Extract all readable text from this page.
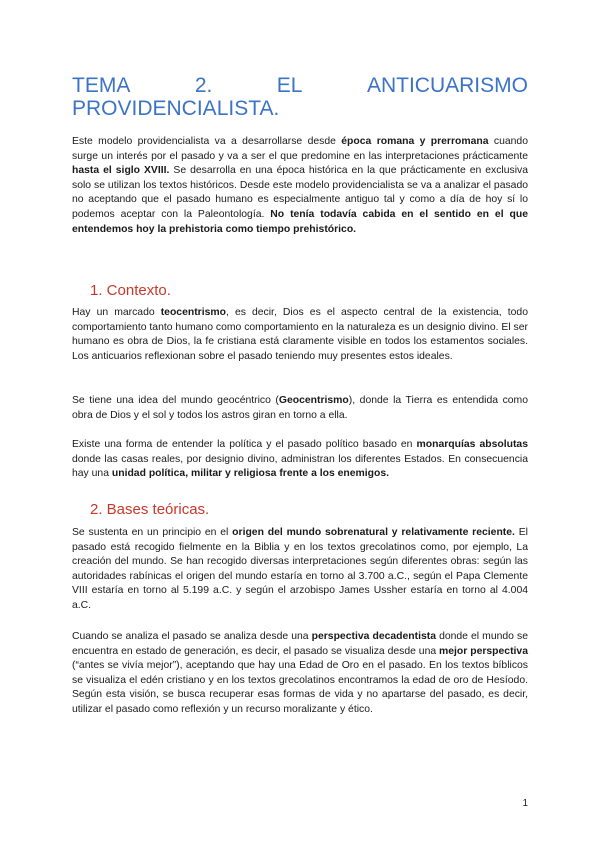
TEMA	2.	EL	ANTICUARISMO
PROVIDENCIALISTA.

Este modelo providencialista va a desarrollarse desde época romana y prerromana cuando surge un interés por el pasado y va a ser el que predomine en las interpretaciones prácticamente hasta el siglo XVIII. Se desarrolla en una época histórica en la que prácticamente en exclusiva solo se utilizan los textos históricos. Desde este modelo providencialista se va a analizar el pasado no aceptando que el pasado humano es especialmente antiguo tal y como a día de hoy sí lo podemos aceptar con la Paleontología. No tenía todavía cabida en el sentido en el que entendemos hoy la prehistoria como tiempo prehistórico.

1. Contexto.

Hay un marcado teocentrismo, es decir, Dios es el aspecto central de la existencia, todo comportamiento tanto humano como comportamiento en la naturaleza es un designio divino. El ser humano es obra de Dios, la fe cristiana está claramente visible en todos los estamentos sociales. Los anticuarios reflexionan sobre el pasado teniendo muy presentes estos ideales.

Se tiene una idea del mundo geocéntrico (Geocentrismo), donde la Tierra es entendida como obra de Dios y el sol y todos los astros giran en torno a ella.

Existe una forma de entender la política y el pasado político basado en monarquías absolutas donde las casas reales, por designio divino, administran los diferentes Estados. En consecuencia hay una unidad política, militar y religiosa frente a los enemigos.

2. Bases teóricas.

Se sustenta en un principio en el origen del mundo sobrenatural y relativamente reciente. El pasado está recogido fielmente en la Biblia y en los textos grecolatinos como, por ejemplo, La creación del mundo. Se han recogido diversas interpretaciones según diferentes obras: según las autoridades rabínicas el origen del mundo estaría en torno al 3.700 a.C., según el Papa Clemente VIII estaría en torno al 5.199 a.C. y según el arzobispo James Ussher estaría en torno al 4.004 a.C.

Cuando se analiza el pasado se analiza desde una perspectiva decadentista donde el mundo se encuentra en estado de generación, es decir, el pasado se visualiza desde una mejor perspectiva (“antes se vivía mejor”), aceptando que hay una Edad de Oro en el pasado. En los textos bíblicos se visualiza el edén cristiano y en los textos grecolatinos encontramos la edad de oro de Hesíodo. Según esta visión, se busca recuperar esas formas de vida y no apartarse del pasado, es decir, utilizar el pasado como reflexión y un recurso moralizante y ético.

1
